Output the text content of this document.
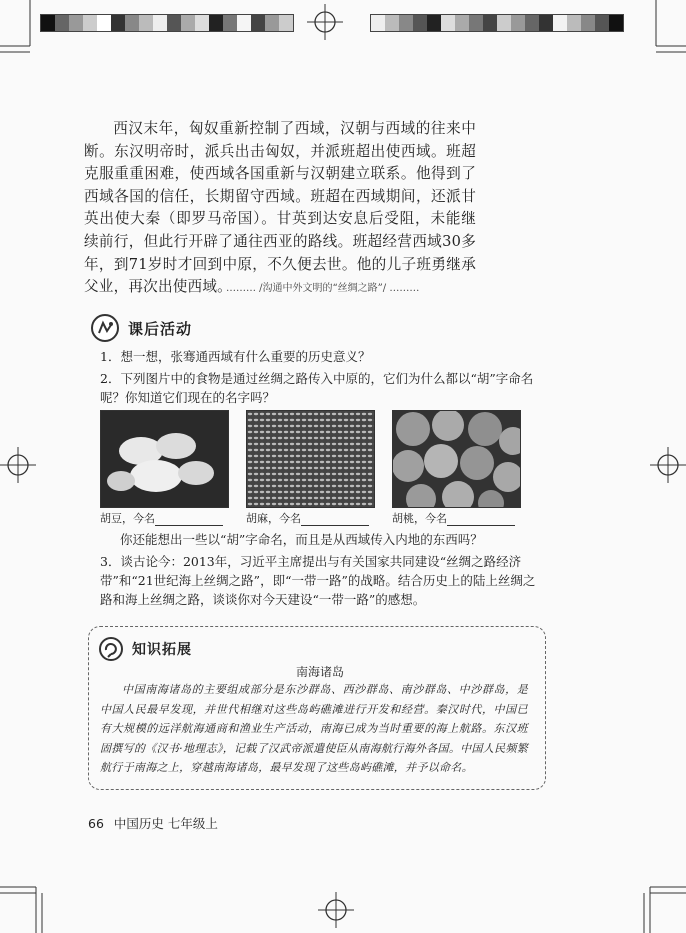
西汉末年，匈奴重新控制了西域，汉朝与西域的往来中断。东汉明帝时，派兵出击匈奴，并派班超出使西域。班超克服重重困难，使西域各国重新与汉朝建立联系。他得到了西域各国的信任，长期留守西域。班超在西域期间，还派甘英出使大秦（即罗马帝国）。甘英到达安息后受阻，未能继续前行，但此行开辟了通往西亚的路线。班超经营西域30多年，到71岁时才回到中原，不久便去世。他的儿子班勇继承父业，再次出使西域。

……… /沟通中外文明的“丝绸之路”/ ………
课后活动
1．想一想，张骞通西域有什么重要的历史意义？
2．下列图片中的食物是通过丝绸之路传入中原的，它们为什么都以“胡”字命名呢？你知道它们现在的名字吗？
胡豆，今名	胡麻，今名	胡桃，今名
你还能想出一些以“胡”字命名，而且是从西域传入内地的东西吗？
3．谈古论今：2013年，习近平主席提出与有关国家共同建设“丝绸之路经济带”和“21世纪海上丝绸之路”，即“一带一路”的战略。结合历史上的陆上丝绸之路和海上丝绸之路，谈谈你对今天建设“一带一路”的感想。
知识拓展
南海诸岛

中国南海诸岛的主要组成部分是东沙群岛、西沙群岛、南沙群岛、中沙群岛，是中国人民最早发现，并世代相继对这些岛屿礁滩进行开发和经营。秦汉时代，中国已有大规模的远洋航海通商和渔业生产活动，南海已成为当时重要的海上航路。东汉班固撰写的《汉书·地理志》，记载了汉武帝派遣使臣从南海航行海外各国。中国人民频繁航行于南海之上，穿越南海诸岛，最早发现了这些岛屿礁滩，并予以命名。

66 中国历史 七年级上
